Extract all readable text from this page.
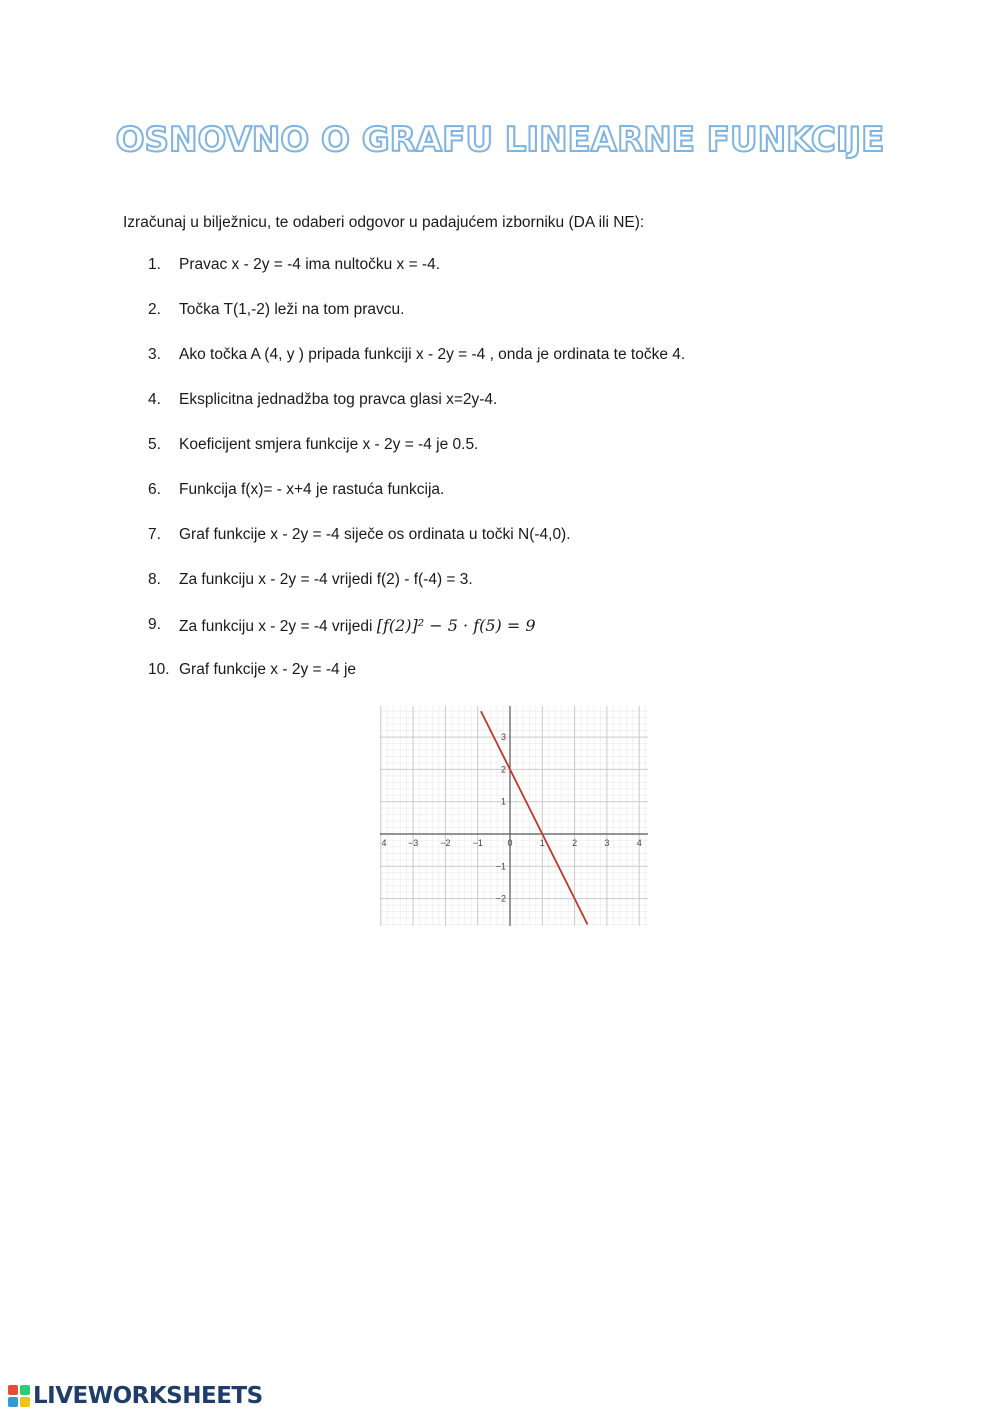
OSNOVNO O GRAFU LINEARNE FUNKCIJE

Izračunaj u bilježnicu, te odaberi odgovor u padajućem izborniku (DA ili NE):

1.	Pravac x - 2y = -4 ima nultočku x = -4.
2.	Točka T(1,-2) leži na tom pravcu.
3.	Ako točka A (4, y ) pripada funkciji x - 2y = -4 , onda je ordinata te točke 4.
4.	Eksplicitna jednadžba tog pravca glasi x=2y-4.
5.	Koeficijent smjera funkcije x - 2y = -4 je 0.5.
6.	Funkcija f(x)= - x+4 je rastuća funkcija.
7.	Graf funkcije x - 2y = -4 siječe os ordinata u točki N(-4,0).
8.	Za funkciju x - 2y = -4 vrijedi f(2) - f(-4) = 3.
9.	Za funkciju x - 2y = -4 vrijedi [f(2)]² − 5 · f(5) = 9
10. Graf funkcije x - 2y = -4 je
4 −3 −2 −1	0	1	2	3	4
3
2
1
−1
−2
LIVEWORKSHEETS
